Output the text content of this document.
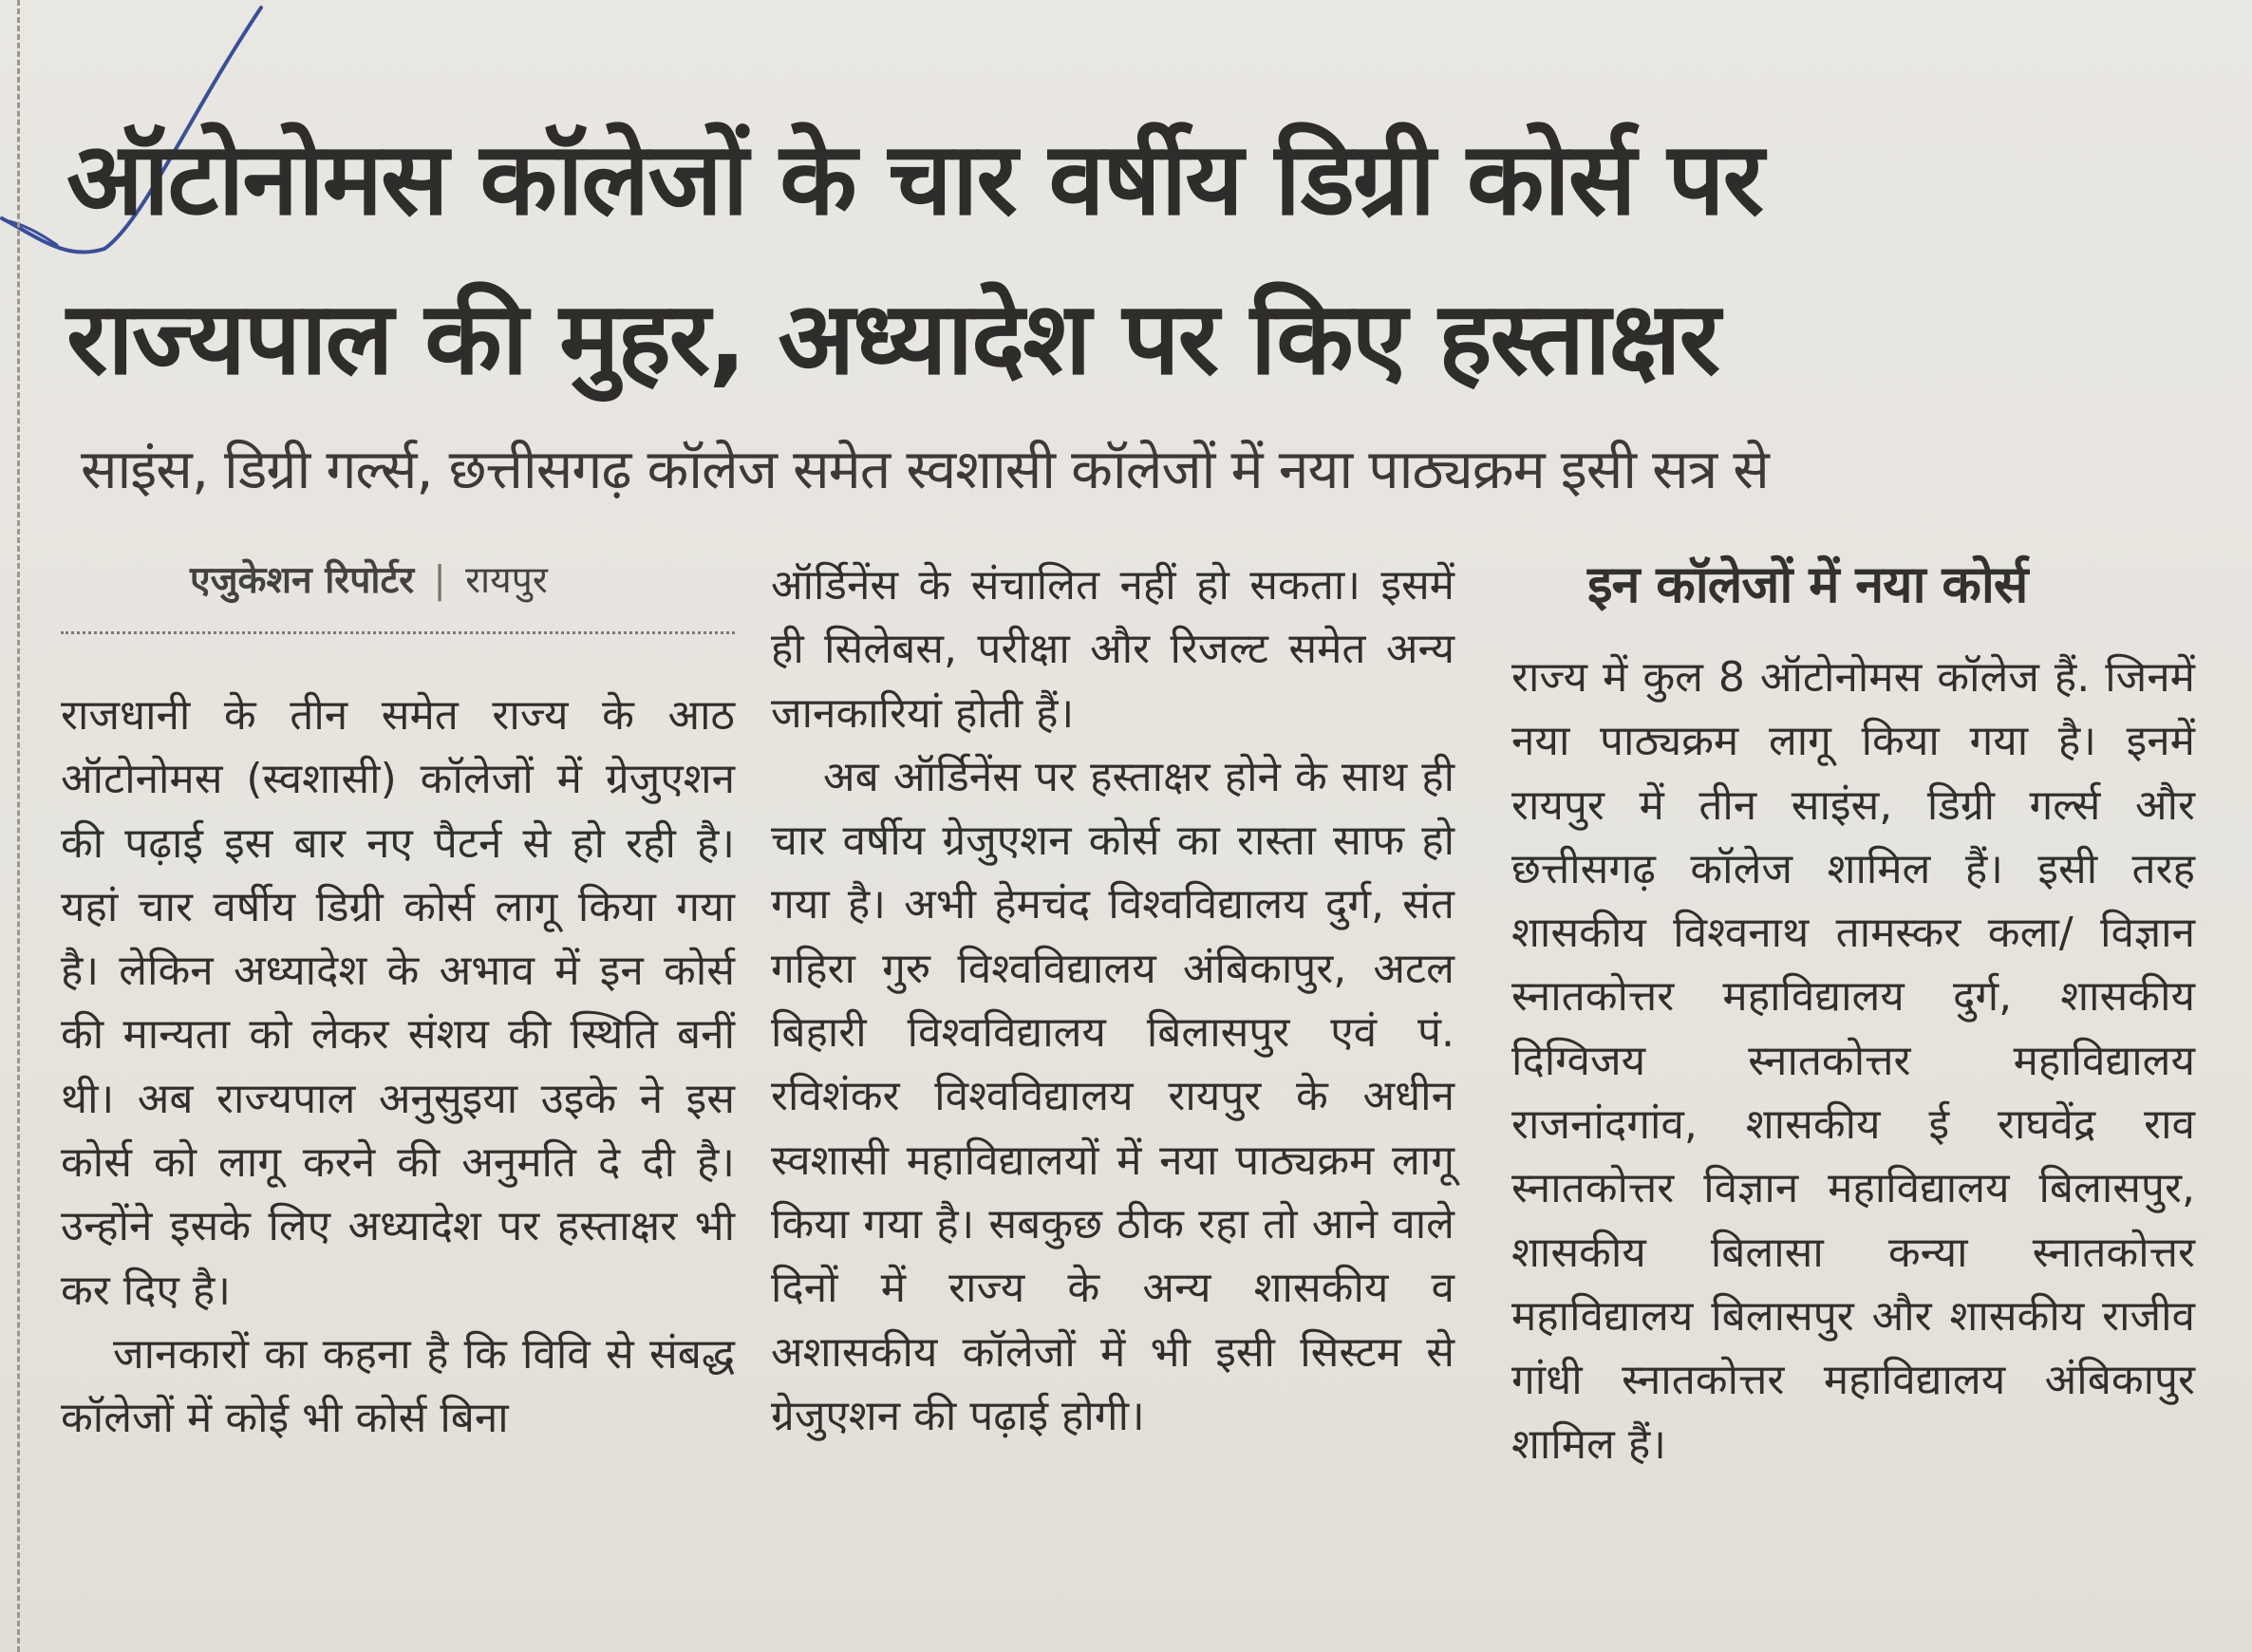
ऑटोनोमस कॉलेजों के चार वर्षीय डिग्री कोर्स पर
राज्यपाल की मुहर, अध्यादेश पर किए हस्ताक्षर
साइंस, डिग्री गर्ल्स, छत्तीसगढ़ कॉलेज समेत स्वशासी कॉलेजों में नया पाठ्यक्रम इसी सत्र से
एजुकेशन रिपोर्टर | रायपुर

राजधानी के तीन समेत राज्य के आठ ऑटोनोमस (स्वशासी) कॉलेजों में ग्रेजुएशन की पढ़ाई इस बार नए पैटर्न से हो रही है। यहां चार वर्षीय डिग्री कोर्स लागू किया गया है। लेकिन अध्यादेश के अभाव में इन कोर्स की मान्यता को लेकर संशय की स्थिति बनीं थी। अब राज्यपाल अनुसुइया उइके ने इस कोर्स को लागू करने की अनुमति दे दी है। उन्होंने इसके लिए अध्यादेश पर हस्ताक्षर भी कर दिए है।

जानकारों का कहना है कि विवि से संबद्ध कॉलेजों में कोई भी कोर्स बिना

ऑर्डिनेंस के संचालित नहीं हो सकता। इसमें ही सिलेबस, परीक्षा और रिजल्ट समेत अन्य जानकारियां होती हैं।

अब ऑर्डिनेंस पर हस्ताक्षर होने के साथ ही चार वर्षीय ग्रेजुएशन कोर्स का रास्ता साफ हो गया है। अभी हेमचंद विश्वविद्यालय दुर्ग, संत गहिरा गुरु विश्वविद्यालय अंबिकापुर, अटल बिहारी विश्वविद्यालय बिलासपुर एवं पं. रविशंकर विश्वविद्यालय रायपुर के अधीन स्वशासी महाविद्यालयों में नया पाठ्यक्रम लागू किया गया है। सबकुछ ठीक रहा तो आने वाले दिनों में राज्य के अन्य शासकीय व अशासकीय कॉलेजों में भी इसी सिस्टम से ग्रेजुएशन की पढ़ाई होगी।

इन कॉलेजों में नया कोर्स

राज्य में कुल 8 ऑटोनोमस कॉलेज हैं. जिनमें नया पाठ्यक्रम लागू किया गया है। इनमें रायपुर में तीन साइंस, डिग्री गर्ल्स और छत्तीसगढ़ कॉलेज शामिल हैं। इसी तरह शासकीय विश्वनाथ तामस्कर कला/ विज्ञान स्नातकोत्तर महाविद्यालय दुर्ग, शासकीय दिग्विजय स्नातकोत्तर महाविद्यालय राजनांदगांव, शासकीय ई राघवेंद्र राव स्नातकोत्तर विज्ञान महाविद्यालय बिलासपुर, शासकीय बिलासा कन्या स्नातकोत्तर महाविद्यालय बिलासपुर और शासकीय राजीव गांधी स्नातकोत्तर महाविद्यालय अंबिकापुर शामिल हैं।
